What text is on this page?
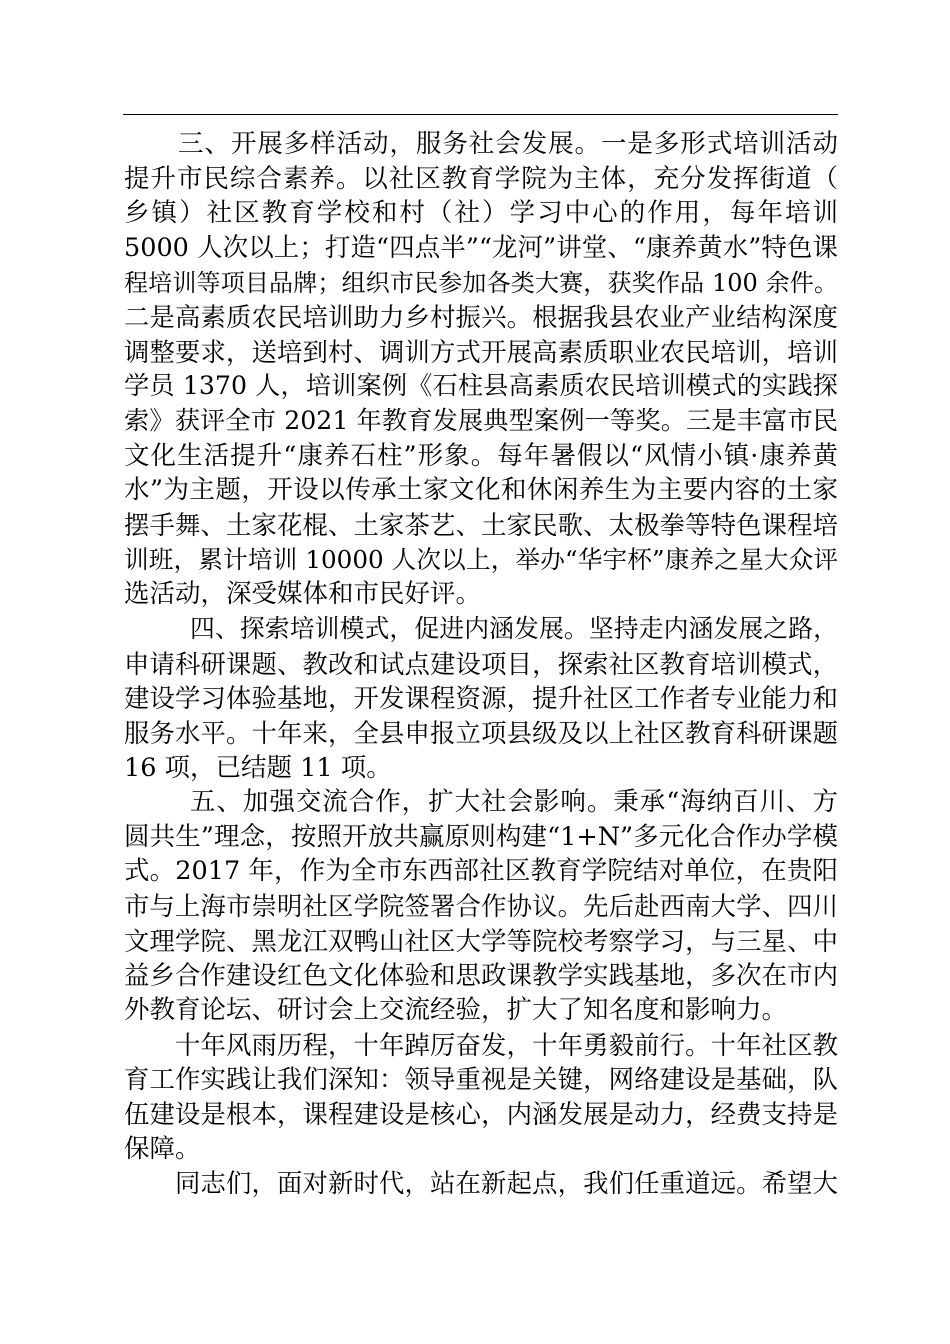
三、开展多样活动，服务社会发展。一是多形式培训活动
提升市民综合素养。以社区教育学院为主体，充分发挥街道（
乡镇）社区教育学校和村（社）学习中心的作用，每年培训
5000 人次以上；打造“四点半”“龙河”讲堂、“康养黄水”特色课
程培训等项目品牌；组织市民参加各类大赛，获奖作品 100 余件。
二是高素质农民培训助力乡村振兴。根据我县农业产业结构深度
调整要求，送培到村、调训方式开展高素质职业农民培训，培训
学员 1370 人，培训案例《石柱县高素质农民培训模式的实践探
索》获评全市 2021 年教育发展典型案例一等奖。三是丰富市民
文化生活提升“康养石柱”形象。每年暑假以“风情小镇·康养黄
水”为主题，开设以传承土家文化和休闲养生为主要内容的土家
摆手舞、土家花棍、土家茶艺、土家民歌、太极拳等特色课程培
训班，累计培训 10000 人次以上，举办“华宇杯”康养之星大众评
选活动，深受媒体和市民好评。
四、探索培训模式，促进内涵发展。坚持走内涵发展之路，
申请科研课题、教改和试点建设项目，探索社区教育培训模式，
建设学习体验基地，开发课程资源，提升社区工作者专业能力和
服务水平。十年来，全县申报立项县级及以上社区教育科研课题
16 项，已结题 11 项。
五、加强交流合作，扩大社会影响。秉承“海纳百川、方
圆共生”理念，按照开放共赢原则构建“1+N”多元化合作办学模
式。2017 年，作为全市东西部社区教育学院结对单位，在贵阳
市与上海市崇明社区学院签署合作协议。先后赴西南大学、四川
文理学院、黑龙江双鸭山社区大学等院校考察学习，与三星、中
益乡合作建设红色文化体验和思政课教学实践基地，多次在市内
外教育论坛、研讨会上交流经验，扩大了知名度和影响力。
十年风雨历程，十年踔厉奋发，十年勇毅前行。十年社区教
育工作实践让我们深知：领导重视是关键，网络建设是基础，队
伍建设是根本，课程建设是核心，内涵发展是动力，经费支持是
保障。
同志们，面对新时代，站在新起点，我们任重道远。希望大
